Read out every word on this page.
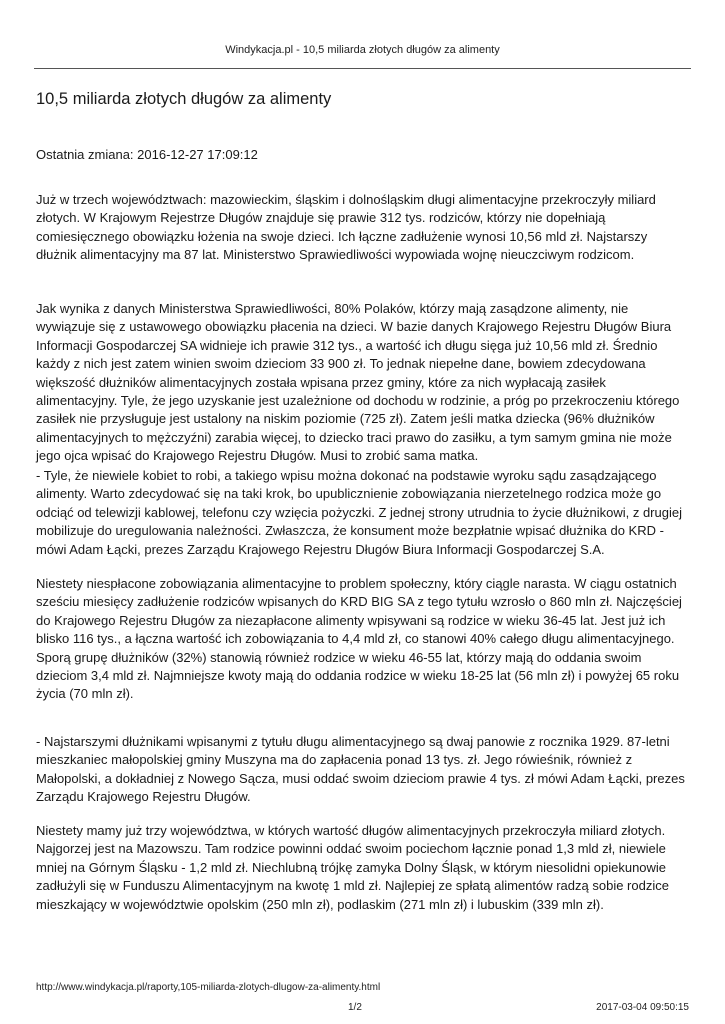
Windykacja.pl - 10,5 miliarda złotych długów za alimenty
10,5 miliarda złotych długów za alimenty
Ostatnia zmiana: 2016-12-27 17:09:12

Już w trzech województwach: mazowieckim, śląskim i dolnośląskim długi alimentacyjne przekroczyły miliard złotych. W Krajowym Rejestrze Długów znajduje się prawie 312 tys. rodziców, którzy nie dopełniają comiesięcznego obowiązku łożenia na swoje dzieci. Ich łączne zadłużenie wynosi 10,56 mld zł. Najstarszy dłużnik alimentacyjny ma 87 lat. Ministerstwo Sprawiedliwości wypowiada wojnę nieuczciwym rodzicom.

Jak wynika z danych Ministerstwa Sprawiedliwości, 80% Polaków, którzy mają zasądzone alimenty, nie wywiązuje się z ustawowego obowiązku płacenia na dzieci. W bazie danych Krajowego Rejestru Długów Biura Informacji Gospodarczej SA widnieje ich prawie 312 tys., a wartość ich długu sięga już 10,56 mld zł. Średnio każdy z nich jest zatem winien swoim dzieciom 33 900 zł. To jednak niepełne dane, bowiem zdecydowana większość dłużników alimentacyjnych została wpisana przez gminy, które za nich wypłacają zasiłek alimentacyjny. Tyle, że jego uzyskanie jest uzależnione od dochodu w rodzinie, a próg po przekroczeniu którego zasiłek nie przysługuje jest ustalony na niskim poziomie (725 zł). Zatem jeśli matka dziecka (96% dłużników alimentacyjnych to mężczyźni) zarabia więcej, to dziecko traci prawo do zasiłku, a tym samym gmina nie może jego ojca wpisać do Krajowego Rejestru Długów. Musi to zrobić sama matka.

- Tyle, że niewiele kobiet to robi, a takiego wpisu można dokonać na podstawie wyroku sądu zasądzającego alimenty. Warto zdecydować się na taki krok, bo upublicznienie zobowiązania nierzetelnego rodzica może go odciąć od telewizji kablowej, telefonu czy wzięcia pożyczki. Z jednej strony utrudnia to życie dłużnikowi, z drugiej mobilizuje do uregulowania należności. Zwłaszcza, że konsument może bezpłatnie wpisać dłużnika do KRD - mówi Adam Łącki, prezes Zarządu Krajowego Rejestru Długów Biura Informacji Gospodarczej S.A.

Niestety niespłacone zobowiązania alimentacyjne to problem społeczny, który ciągle narasta. W ciągu ostatnich sześciu miesięcy zadłużenie rodziców wpisanych do KRD BIG SA z tego tytułu wzrosło o 860 mln zł. Najczęściej do Krajowego Rejestru Długów za niezapłacone alimenty wpisywani są rodzice w wieku 36-45 lat. Jest już ich blisko 116 tys., a łączna wartość ich zobowiązania to 4,4 mld zł, co stanowi 40% całego długu alimentacyjnego. Sporą grupę dłużników (32%) stanowią również rodzice w wieku 46-55 lat, którzy mają do oddania swoim dzieciom 3,4 mld zł. Najmniejsze kwoty mają do oddania rodzice w wieku 18-25 lat (56 mln zł) i powyżej 65 roku życia (70 mln zł).

- Najstarszymi dłużnikami wpisanymi z tytułu długu alimentacyjnego są dwaj panowie z rocznika 1929. 87-letni mieszkaniec małopolskiej gminy Muszyna ma do zapłacenia ponad 13 tys. zł. Jego rówieśnik, również z Małopolski, a dokładniej z Nowego Sącza, musi oddać swoim dzieciom prawie 4 tys. zł mówi Adam Łącki, prezes Zarządu Krajowego Rejestru Długów.

Niestety mamy już trzy województwa, w których wartość długów alimentacyjnych przekroczyła miliard złotych. Najgorzej jest na Mazowszu. Tam rodzice powinni oddać swoim pociechom łącznie ponad 1,3 mld zł, niewiele mniej na Górnym Śląsku - 1,2 mld zł. Niechlubną trójkę zamyka Dolny Śląsk, w którym niesolidni opiekunowie zadłużyli się w Funduszu Alimentacyjnym na kwotę 1 mld zł. Najlepiej ze spłatą alimentów radzą sobie rodzice mieszkający w województwie opolskim (250 mln zł), podlaskim (271 mln zł) i lubuskim (339 mln zł).

http://www.windykacja.pl/raporty,105-miliarda-zlotych-dlugow-za-alimenty.html
1/2	2017-03-04 09:50:15
